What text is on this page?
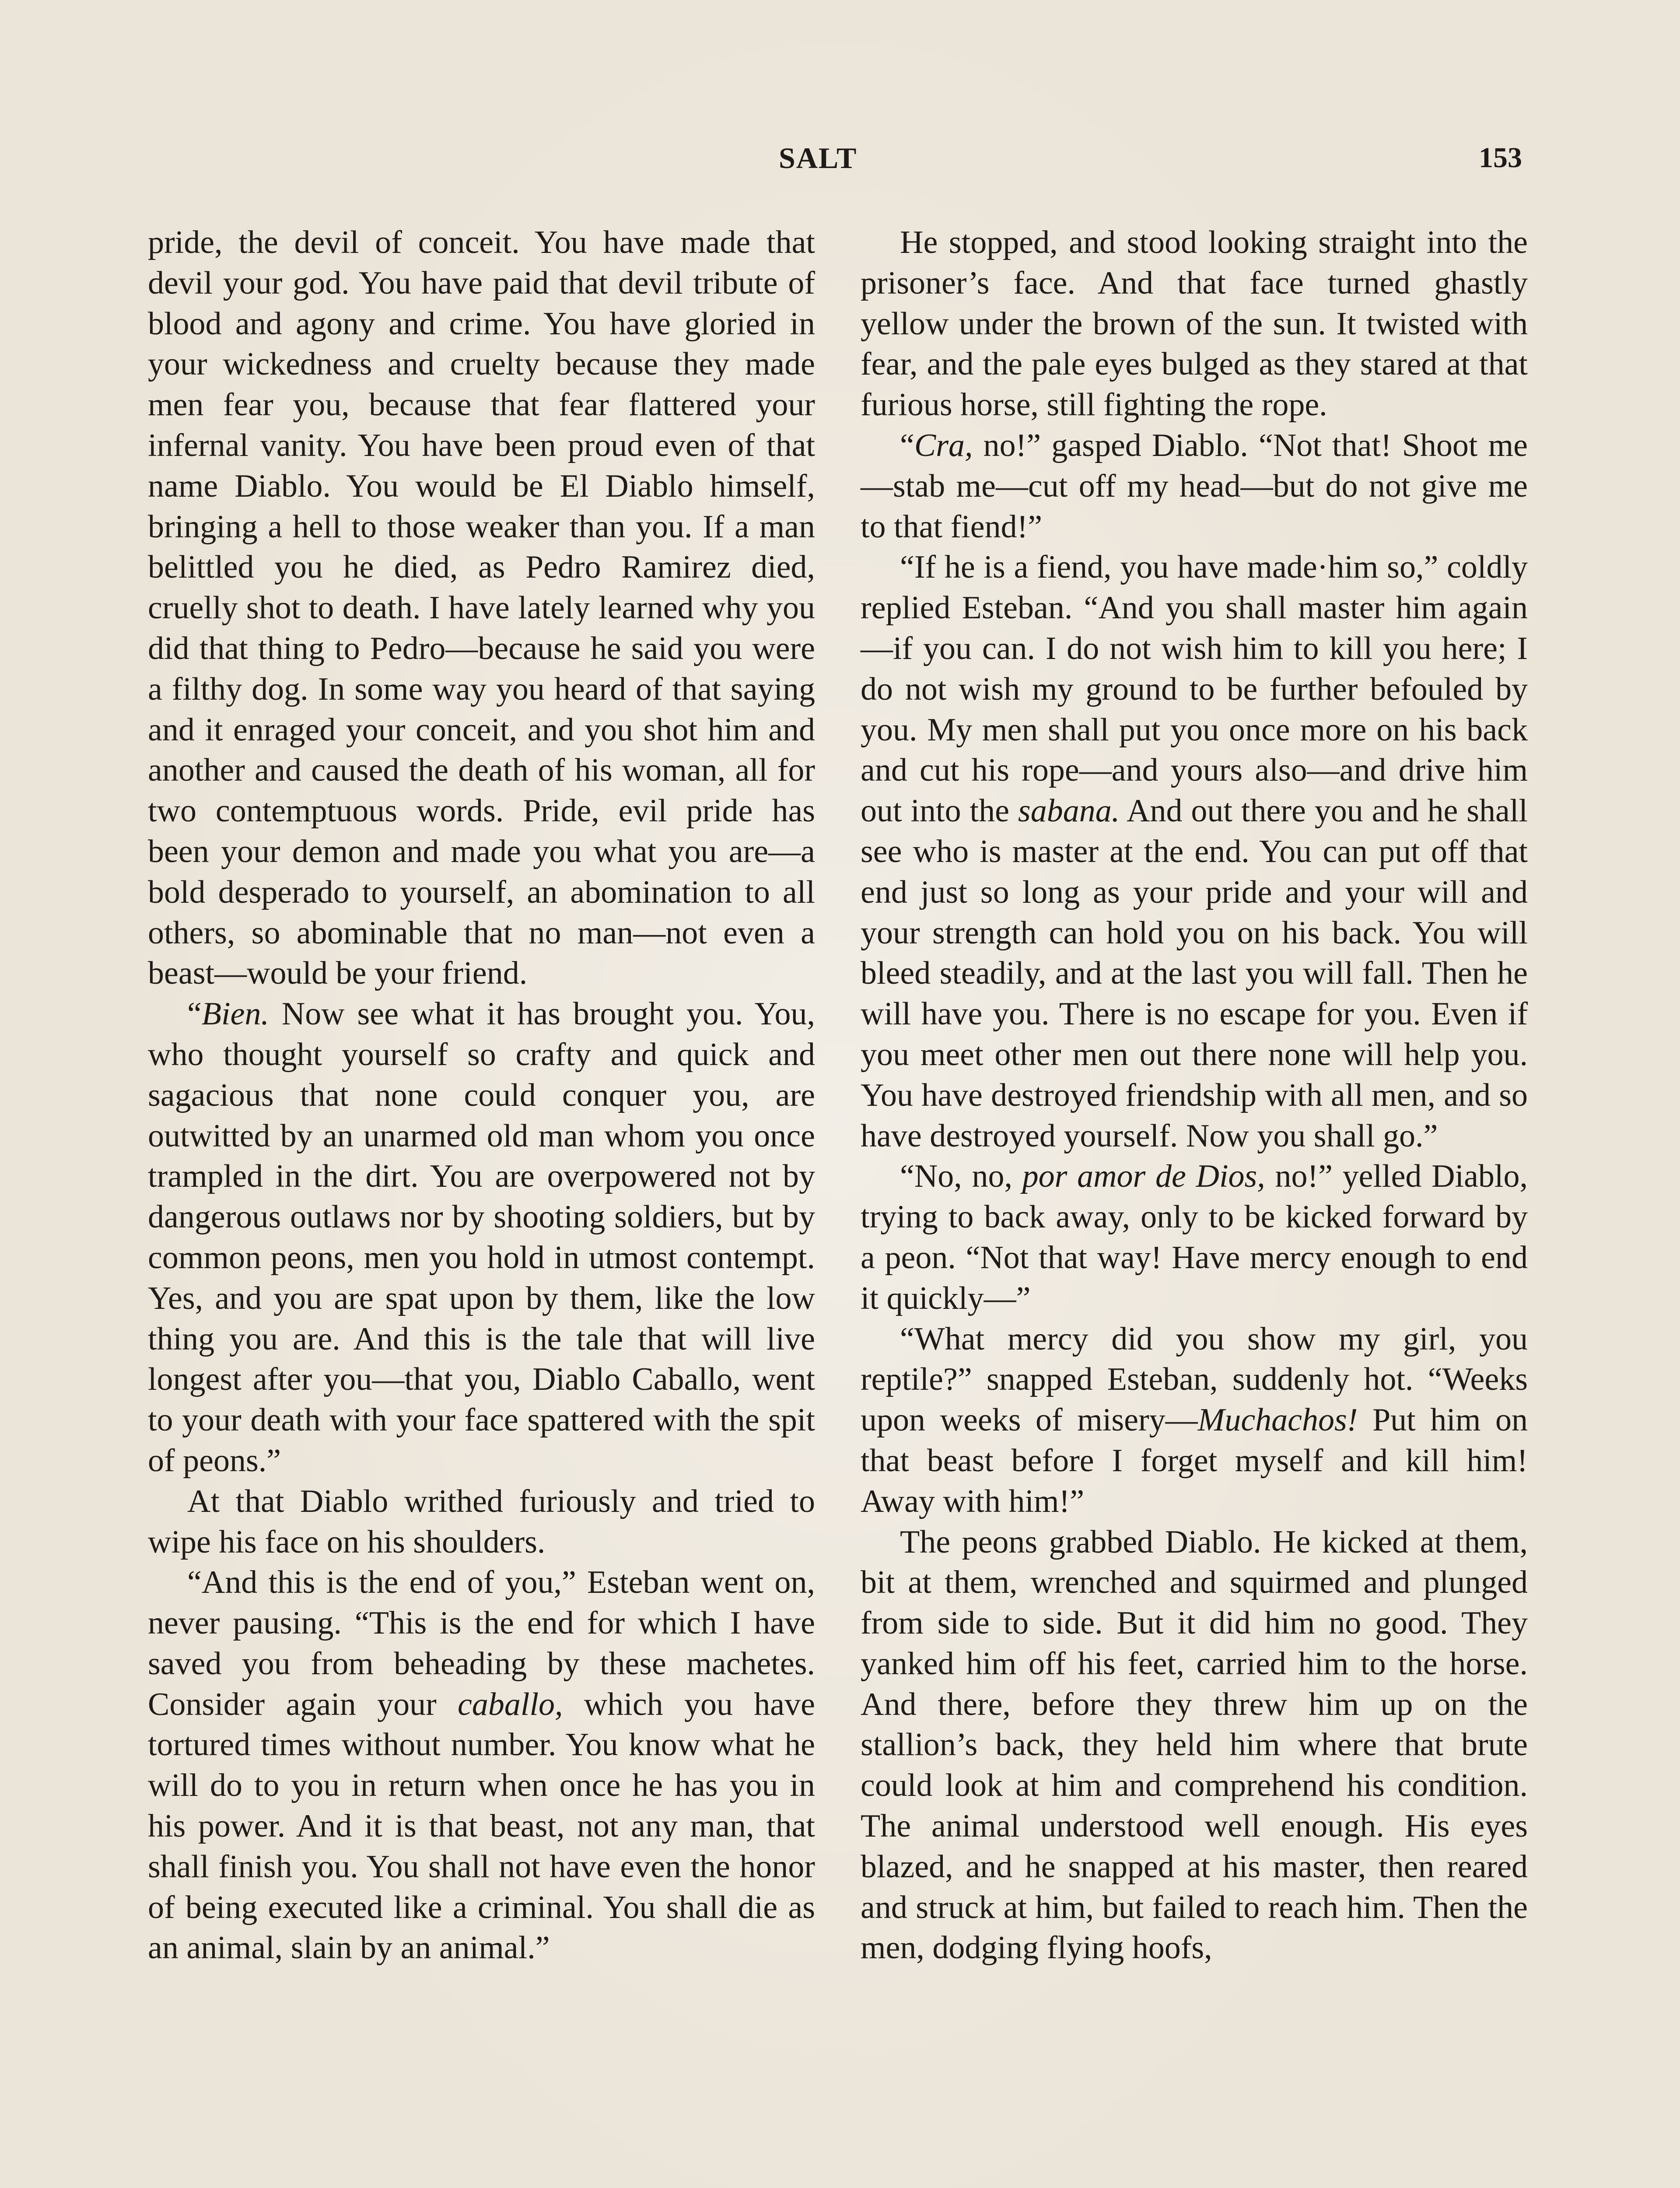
SALT	153

pride, the devil of conceit. You have made that devil your god. You have paid that devil tribute of blood and agony and crime. You have gloried in your wickedness and cruelty because they made men fear you, because that fear flattered your infernal vanity. You have been proud even of that name Diablo. You would be El Diablo himself, bringing a hell to those weaker than you. If a man belittled you he died, as Pedro Ramirez died, cruelly shot to death. I have lately learned why you did that thing to Pedro—because he said you were a filthy dog. In some way you heard of that saying and it enraged your conceit, and you shot him and another and caused the death of his woman, all for two contemptuous words. Pride, evil pride has been your demon and made you what you are—a bold desperado to yourself, an abomination to all others, so abominable that no man—not even a beast—would be your friend.

“Bien. Now see what it has brought you. You, who thought yourself so crafty and quick and sagacious that none could conquer you, are outwitted by an unarmed old man whom you once trampled in the dirt. You are overpowered not by dangerous outlaws nor by shooting soldiers, but by common peons, men you hold in utmost contempt. Yes, and you are spat upon by them, like the low thing you are. And this is the tale that will live longest after you—that you, Diablo Caballo, went to your death with your face spattered with the spit of peons.”

At that Diablo writhed furiously and tried to wipe his face on his shoulders.

“And this is the end of you,” Esteban went on, never pausing. “This is the end for which I have saved you from beheading by these machetes. Consider again your caballo, which you have tortured times without number. You know what he will do to you in return when once he has you in his power. And it is that beast, not any man, that shall finish you. You shall not have even the honor of being executed like a criminal. You shall die as an animal, slain by an animal.”

He stopped, and stood looking straight into the prisoner’s face. And that face turned ghastly yellow under the brown of the sun. It twisted with fear, and the pale eyes bulged as they stared at that furious horse, still fighting the rope.

“Cra, no!” gasped Diablo. “Not that! Shoot me—stab me—cut off my head—but do not give me to that fiend!”

“If he is a fiend, you have made·him so,” coldly replied Esteban. “And you shall master him again—if you can. I do not wish him to kill you here; I do not wish my ground to be further befouled by you. My men shall put you once more on his back and cut his rope—and yours also—and drive him out into the sabana. And out there you and he shall see who is master at the end. You can put off that end just so long as your pride and your will and your strength can hold you on his back. You will bleed steadily, and at the last you will fall. Then he will have you. There is no escape for you. Even if you meet other men out there none will help you. You have destroyed friendship with all men, and so have destroyed yourself. Now you shall go.”

“No, no, por amor de Dios, no!” yelled Diablo, trying to back away, only to be kicked forward by a peon. “Not that way! Have mercy enough to end it quickly—”

“What mercy did you show my girl, you reptile?” snapped Esteban, suddenly hot. “Weeks upon weeks of misery—Muchachos! Put him on that beast before I forget myself and kill him! Away with him!”

The peons grabbed Diablo. He kicked at them, bit at them, wrenched and squirmed and plunged from side to side. But it did him no good. They yanked him off his feet, carried him to the horse. And there, before they threw him up on the stallion’s back, they held him where that brute could look at him and comprehend his condition. The animal understood well enough. His eyes blazed, and he snapped at his master, then reared and struck at him, but failed to reach him. Then the men, dodging flying hoofs,
